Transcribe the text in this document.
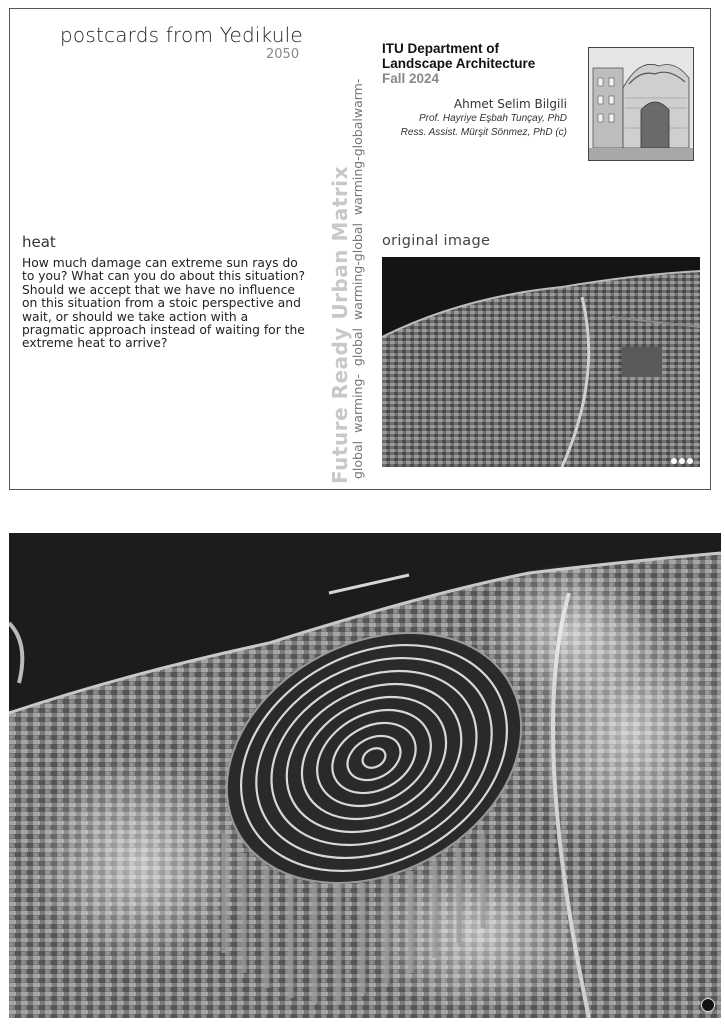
postcards from Yedikule
2050
heat

How much damage can extreme sun rays do to you? What can you do about this situation? Should we accept that we have no influence on this situation from a stoic perspective and wait, or should we take action with a pragmatic approach instead of waiting for the extreme heat to arrive?	Future Ready Urban Matrix
global warming- global warming-global warming-globalwarm-
ITU Department of
Landscape Architecture
Fall 2024
Ahmet Selim Bilgili
Prof. Hayriye Eşbah Tunçay, PhD
Ress. Assist. Mürşit Sönmez, PhD (c)
original image
